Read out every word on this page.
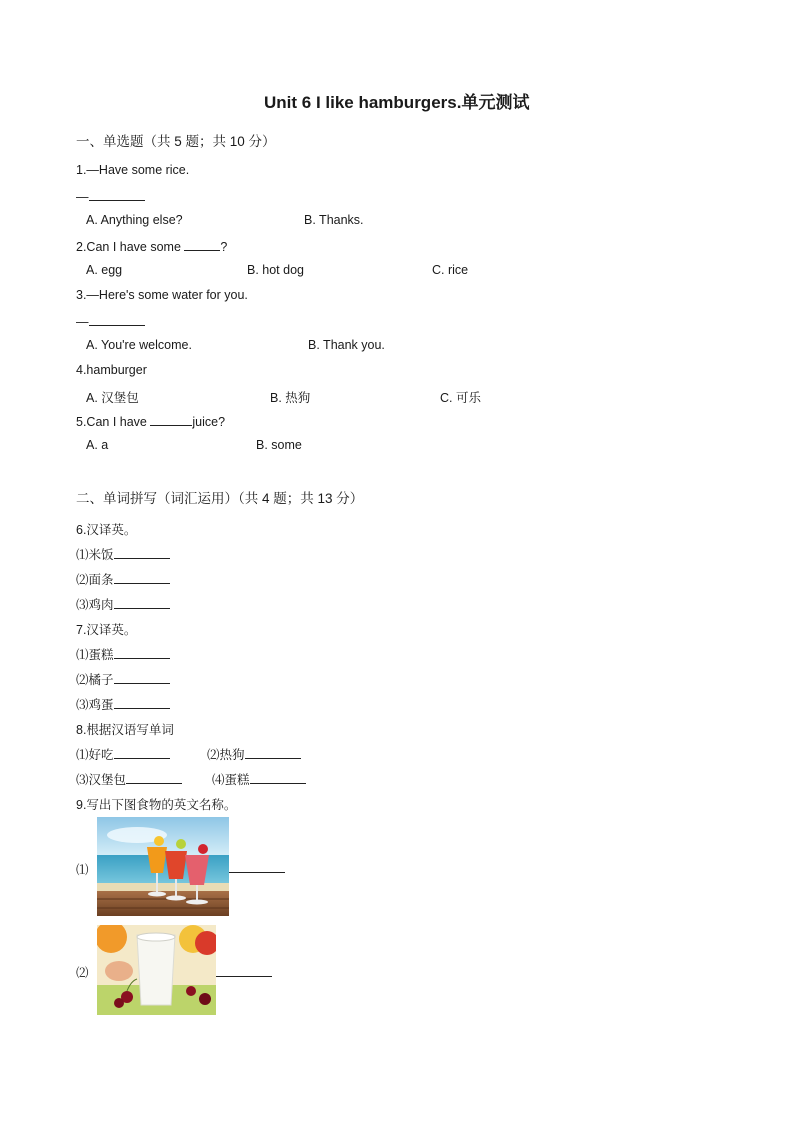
Unit 6 I like hamburgers.单元测试
一、单选题（共 5 题；共 10 分）
1.—Have some rice.
—
A. Anything else?	B. Thanks.
2.Can I have some	?
A. egg	B. hot dog	C. rice
3.—Here's some water for you.
—
A. You're welcome.	B. Thank you.
4.hamburger
A. 汉堡包	B. 热狗	C. 可乐
5.Can I have	juice?
A. a	B. some
二、单词拼写（词汇运用）（共 4 题；共 13 分）
6.汉译英。
⑴米饭
⑵面条
⑶鸡肉
7.汉译英。
⑴蛋糕
⑵橘子
⑶鸡蛋
8.根据汉语写单词
⑴好吃	⑵热狗
⑶汉堡包	⑷蛋糕
9.写出下图食物的英文名称。
⑴
⑵
